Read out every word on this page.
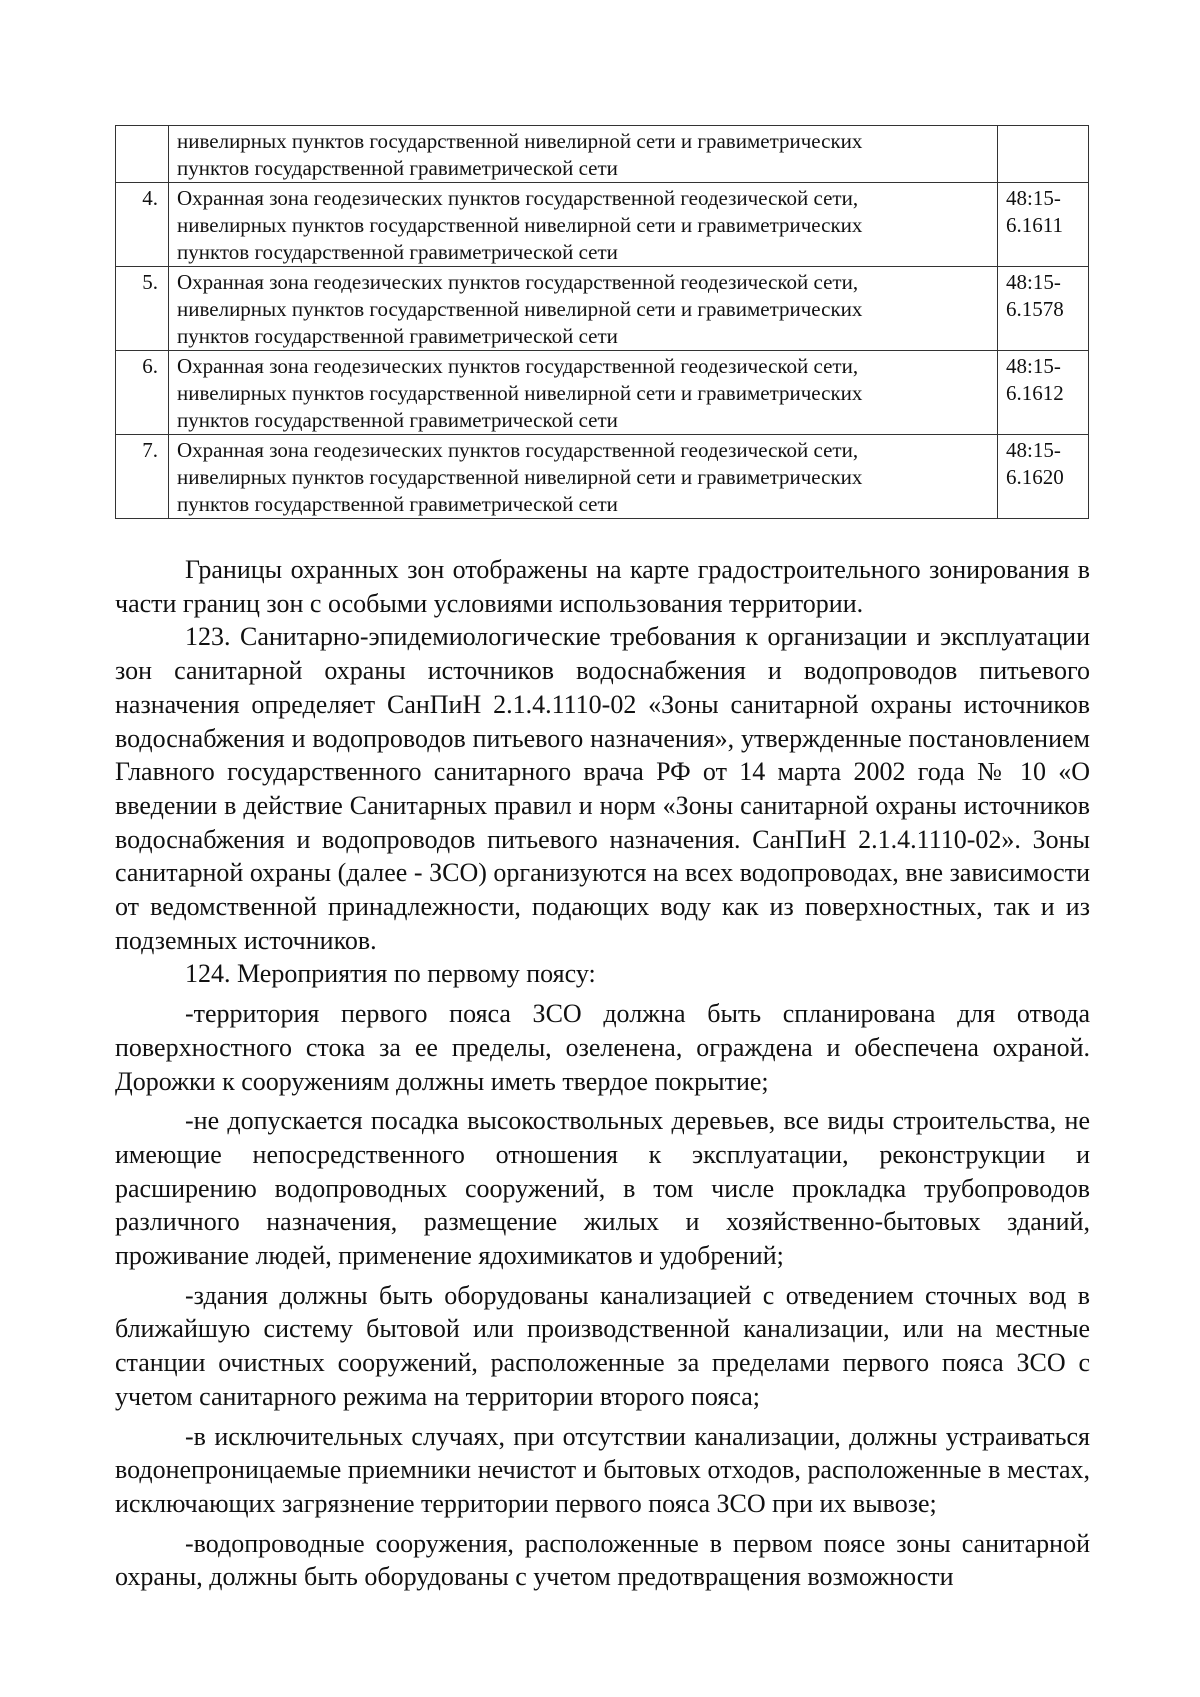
	нивелирных пунктов государственной нивелирной сети и гравиметрических
пунктов государственной гравиметрической сети	

4.	Охранная зона геодезических пунктов государственной геодезической сети,
нивелирных пунктов государственной нивелирной сети и гравиметрических
пунктов государственной гравиметрической сети	48:15-6.1611
5.	Охранная зона геодезических пунктов государственной геодезической сети,
нивелирных пунктов государственной нивелирной сети и гравиметрических
пунктов государственной гравиметрической сети	48:15-6.1578
6.	Охранная зона геодезических пунктов государственной геодезической сети,
нивелирных пунктов государственной нивелирной сети и гравиметрических
пунктов государственной гравиметрической сети	48:15-6.1612
7.	Охранная зона геодезических пунктов государственной геодезической сети,
нивелирных пунктов государственной нивелирной сети и гравиметрических
пунктов государственной гравиметрической сети	48:15-6.1620

Границы охранных зон отображены на карте градостроительного зонирования в части границ зон с особыми условиями использования территории.

123. Санитарно-эпидемиологические требования к организации и эксплуатации зон санитарной охраны источников водоснабжения и водопроводов питьевого назначения определяет СанПиН 2.1.4.1110-02 «Зоны санитарной охраны источников водоснабжения и водопроводов питьевого назначения», утвержденные постановлением Главного государственного санитарного врача РФ от 14 марта 2002 года № 10 «О введении в действие Санитарных правил и норм «Зоны санитарной охраны источников водоснабжения и водопроводов питьевого назначения. СанПиН 2.1.4.1110-02». Зоны санитарной охраны (далее - ЗСО) организуются на всех водопроводах, вне зависимости от ведомственной принадлежности, подающих воду как из поверхностных, так и из подземных источников.

124. Мероприятия по первому поясу:

-территория первого пояса ЗСО должна быть спланирована для отвода поверхностного стока за ее пределы, озеленена, ограждена и обеспечена охраной. Дорожки к сооружениям должны иметь твердое покрытие;

-не допускается посадка высокоствольных деревьев, все виды строительства, не имеющие непосредственного отношения к эксплуатации, реконструкции и расширению водопроводных сооружений, в том числе прокладка трубопроводов различного назначения, размещение жилых и хозяйственно-бытовых зданий, проживание людей, применение ядохимикатов и удобрений;

-здания должны быть оборудованы канализацией с отведением сточных вод в ближайшую систему бытовой или производственной канализации, или на местные станции очистных сооружений, расположенные за пределами первого пояса ЗСО с учетом санитарного режима на территории второго пояса;

-в исключительных случаях, при отсутствии канализации, должны устраиваться водонепроницаемые приемники нечистот и бытовых отходов, расположенные в местах, исключающих загрязнение территории первого пояса ЗСО при их вывозе;

-водопроводные сооружения, расположенные в первом поясе зоны санитарной охраны, должны быть оборудованы с учетом предотвращения возможности
